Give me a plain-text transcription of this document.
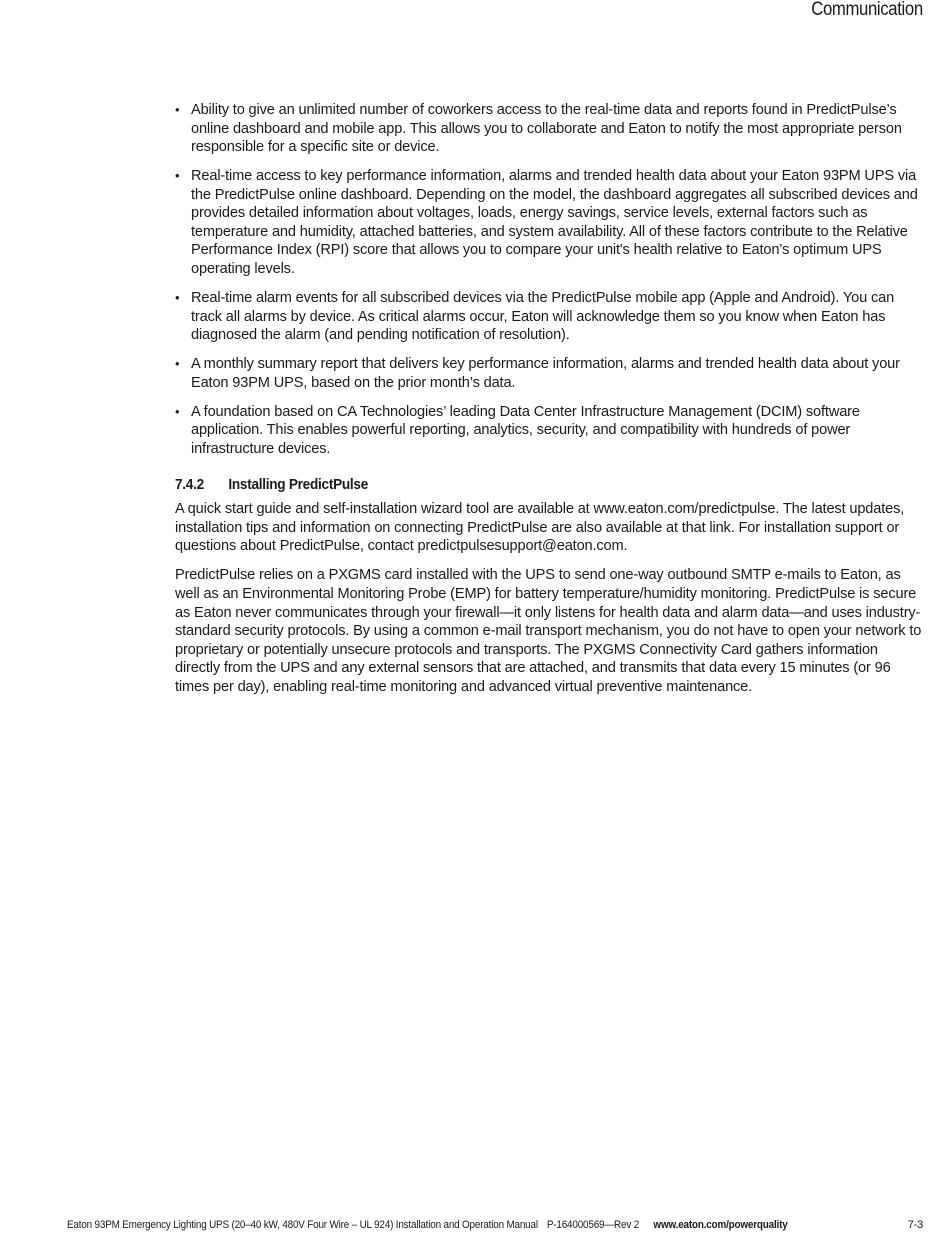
Communication
• Ability to give an unlimited number of coworkers access to the real-time data and reports found in PredictPulse’s online dashboard and mobile app. This allows you to collaborate and Eaton to notify the most appropriate person responsible for a specific site or device.
• Real-time access to key performance information, alarms and trended health data about your Eaton 93PM UPS via the PredictPulse online dashboard. Depending on the model, the dashboard aggregates all subscribed devices and provides detailed information about voltages, loads, energy savings, service levels, external factors such as temperature and humidity, attached batteries, and system availability. All of these factors contribute to the Relative Performance Index (RPI) score that allows you to compare your unit's health relative to Eaton’s optimum UPS operating levels.
• Real-time alarm events for all subscribed devices via the PredictPulse mobile app (Apple and Android). You can track all alarms by device. As critical alarms occur, Eaton will acknowledge them so you know when Eaton has diagnosed the alarm (and pending notification of resolution).
• A monthly summary report that delivers key performance information, alarms and trended health data about your Eaton 93PM UPS, based on the prior month’s data.
• A foundation based on CA Technologies’ leading Data Center Infrastructure Management (DCIM) software application. This enables powerful reporting, analytics, security, and compatibility with hundreds of power infrastructure devices.
7.4.2	Installing PredictPulse

A quick start guide and self-installation wizard tool are available at www.eaton.com/predictpulse. The latest updates, installation tips and information on connecting PredictPulse are also available at that link. For installation support or questions about PredictPulse, contact predictpulsesupport@eaton.com.

PredictPulse relies on a PXGMS card installed with the UPS to send one-way outbound SMTP e-mails to Eaton, as well as an Environmental Monitoring Probe (EMP) for battery temperature/humidity monitoring. PredictPulse is secure as Eaton never communicates through your firewall—it only listens for health data and alarm data—and uses industry-standard security protocols. By using a common e-mail transport mechanism, you do not have to open your network to proprietary or potentially unsecure protocols and transports. The PXGMS Connectivity Card gathers information directly from the UPS and any external sensors that are attached, and transmits that data every 15 minutes (or 96 times per day), enabling real-time monitoring and advanced virtual preventive maintenance.

Eaton 93PM Emergency Lighting UPS (20–40 kW, 480V Four Wire – UL 924) Installation and Operation Manual P-164000569—Rev 2 www.eaton.com/powerquality	7-3
